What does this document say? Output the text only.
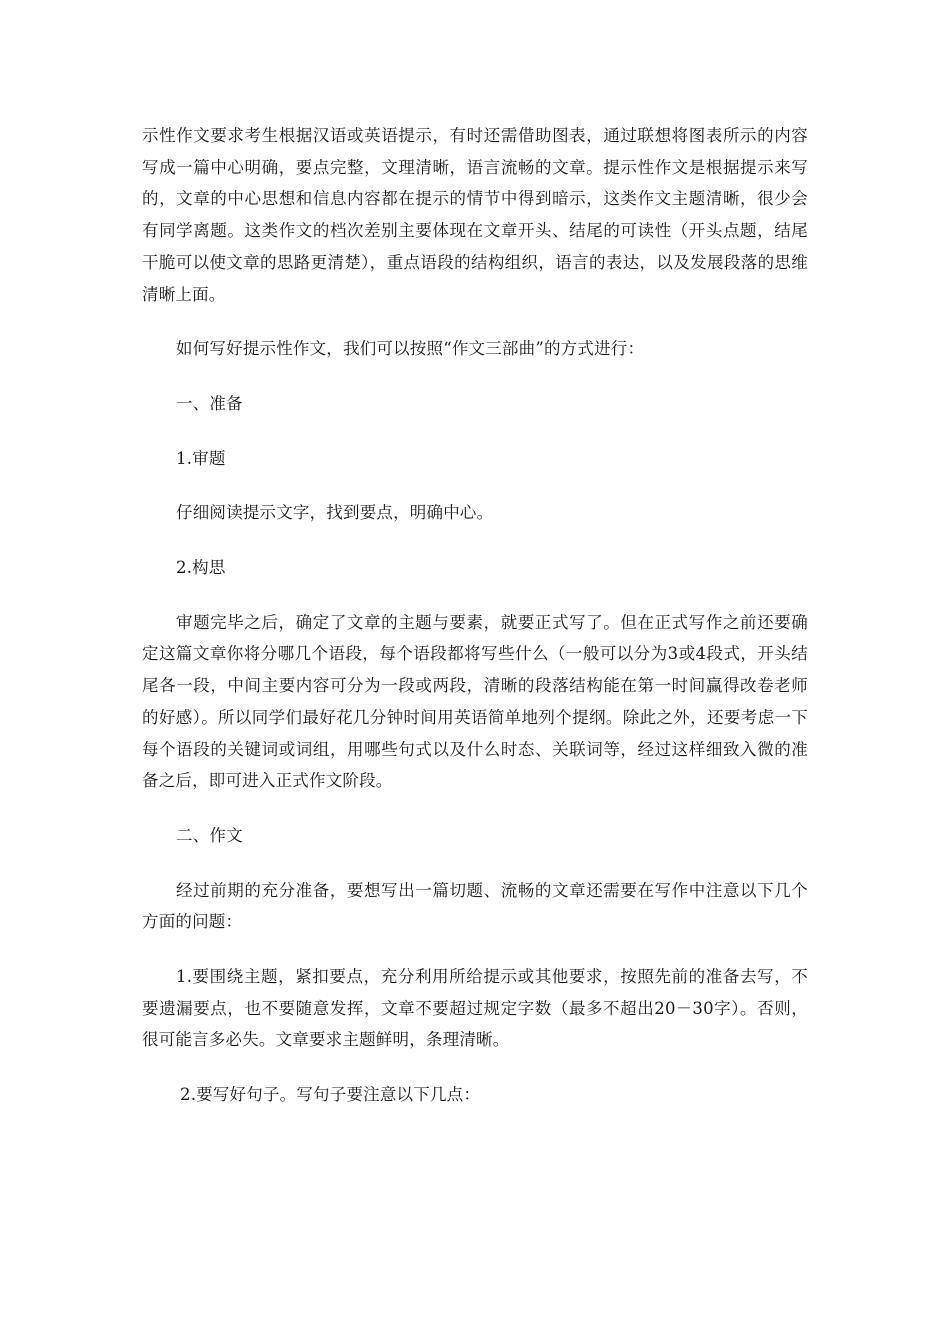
示性作文要求考生根据汉语或英语提示，有时还需借助图表，通过联想将图表所示的内容写成一篇中心明确，要点完整，文理清晰，语言流畅的文章。提示性作文是根据提示来写的，文章的中心思想和信息内容都在提示的情节中得到暗示，这类作文主题清晰，很少会有同学离题。这类作文的档次差别主要体现在文章开头、结尾的可读性（开头点题，结尾干脆可以使文章的思路更清楚），重点语段的结构组织，语言的表达，以及发展段落的思维清晰上面。

如何写好提示性作文，我们可以按照“作文三部曲”的方式进行：

一、准备

1.审题

仔细阅读提示文字，找到要点，明确中心。

2.构思

审题完毕之后，确定了文章的主题与要素，就要正式写了。但在正式写作之前还要确定这篇文章你将分哪几个语段，每个语段都将写些什么（一般可以分为3或4段式，开头结尾各一段，中间主要内容可分为一段或两段，清晰的段落结构能在第一时间赢得改卷老师的好感）。所以同学们最好花几分钟时间用英语简单地列个提纲。除此之外，还要考虑一下每个语段的关键词或词组，用哪些句式以及什么时态、关联词等，经过这样细致入微的准备之后，即可进入正式作文阶段。

二、作文

经过前期的充分准备，要想写出一篇切题、流畅的文章还需要在写作中注意以下几个方面的问题：

1.要围绕主题，紧扣要点，充分利用所给提示或其他要求，按照先前的准备去写，不要遗漏要点，也不要随意发挥，文章不要超过规定字数（最多不超出20－30字）。否则，很可能言多必失。文章要求主题鲜明，条理清晰。

2.要写好句子。写句子要注意以下几点：
